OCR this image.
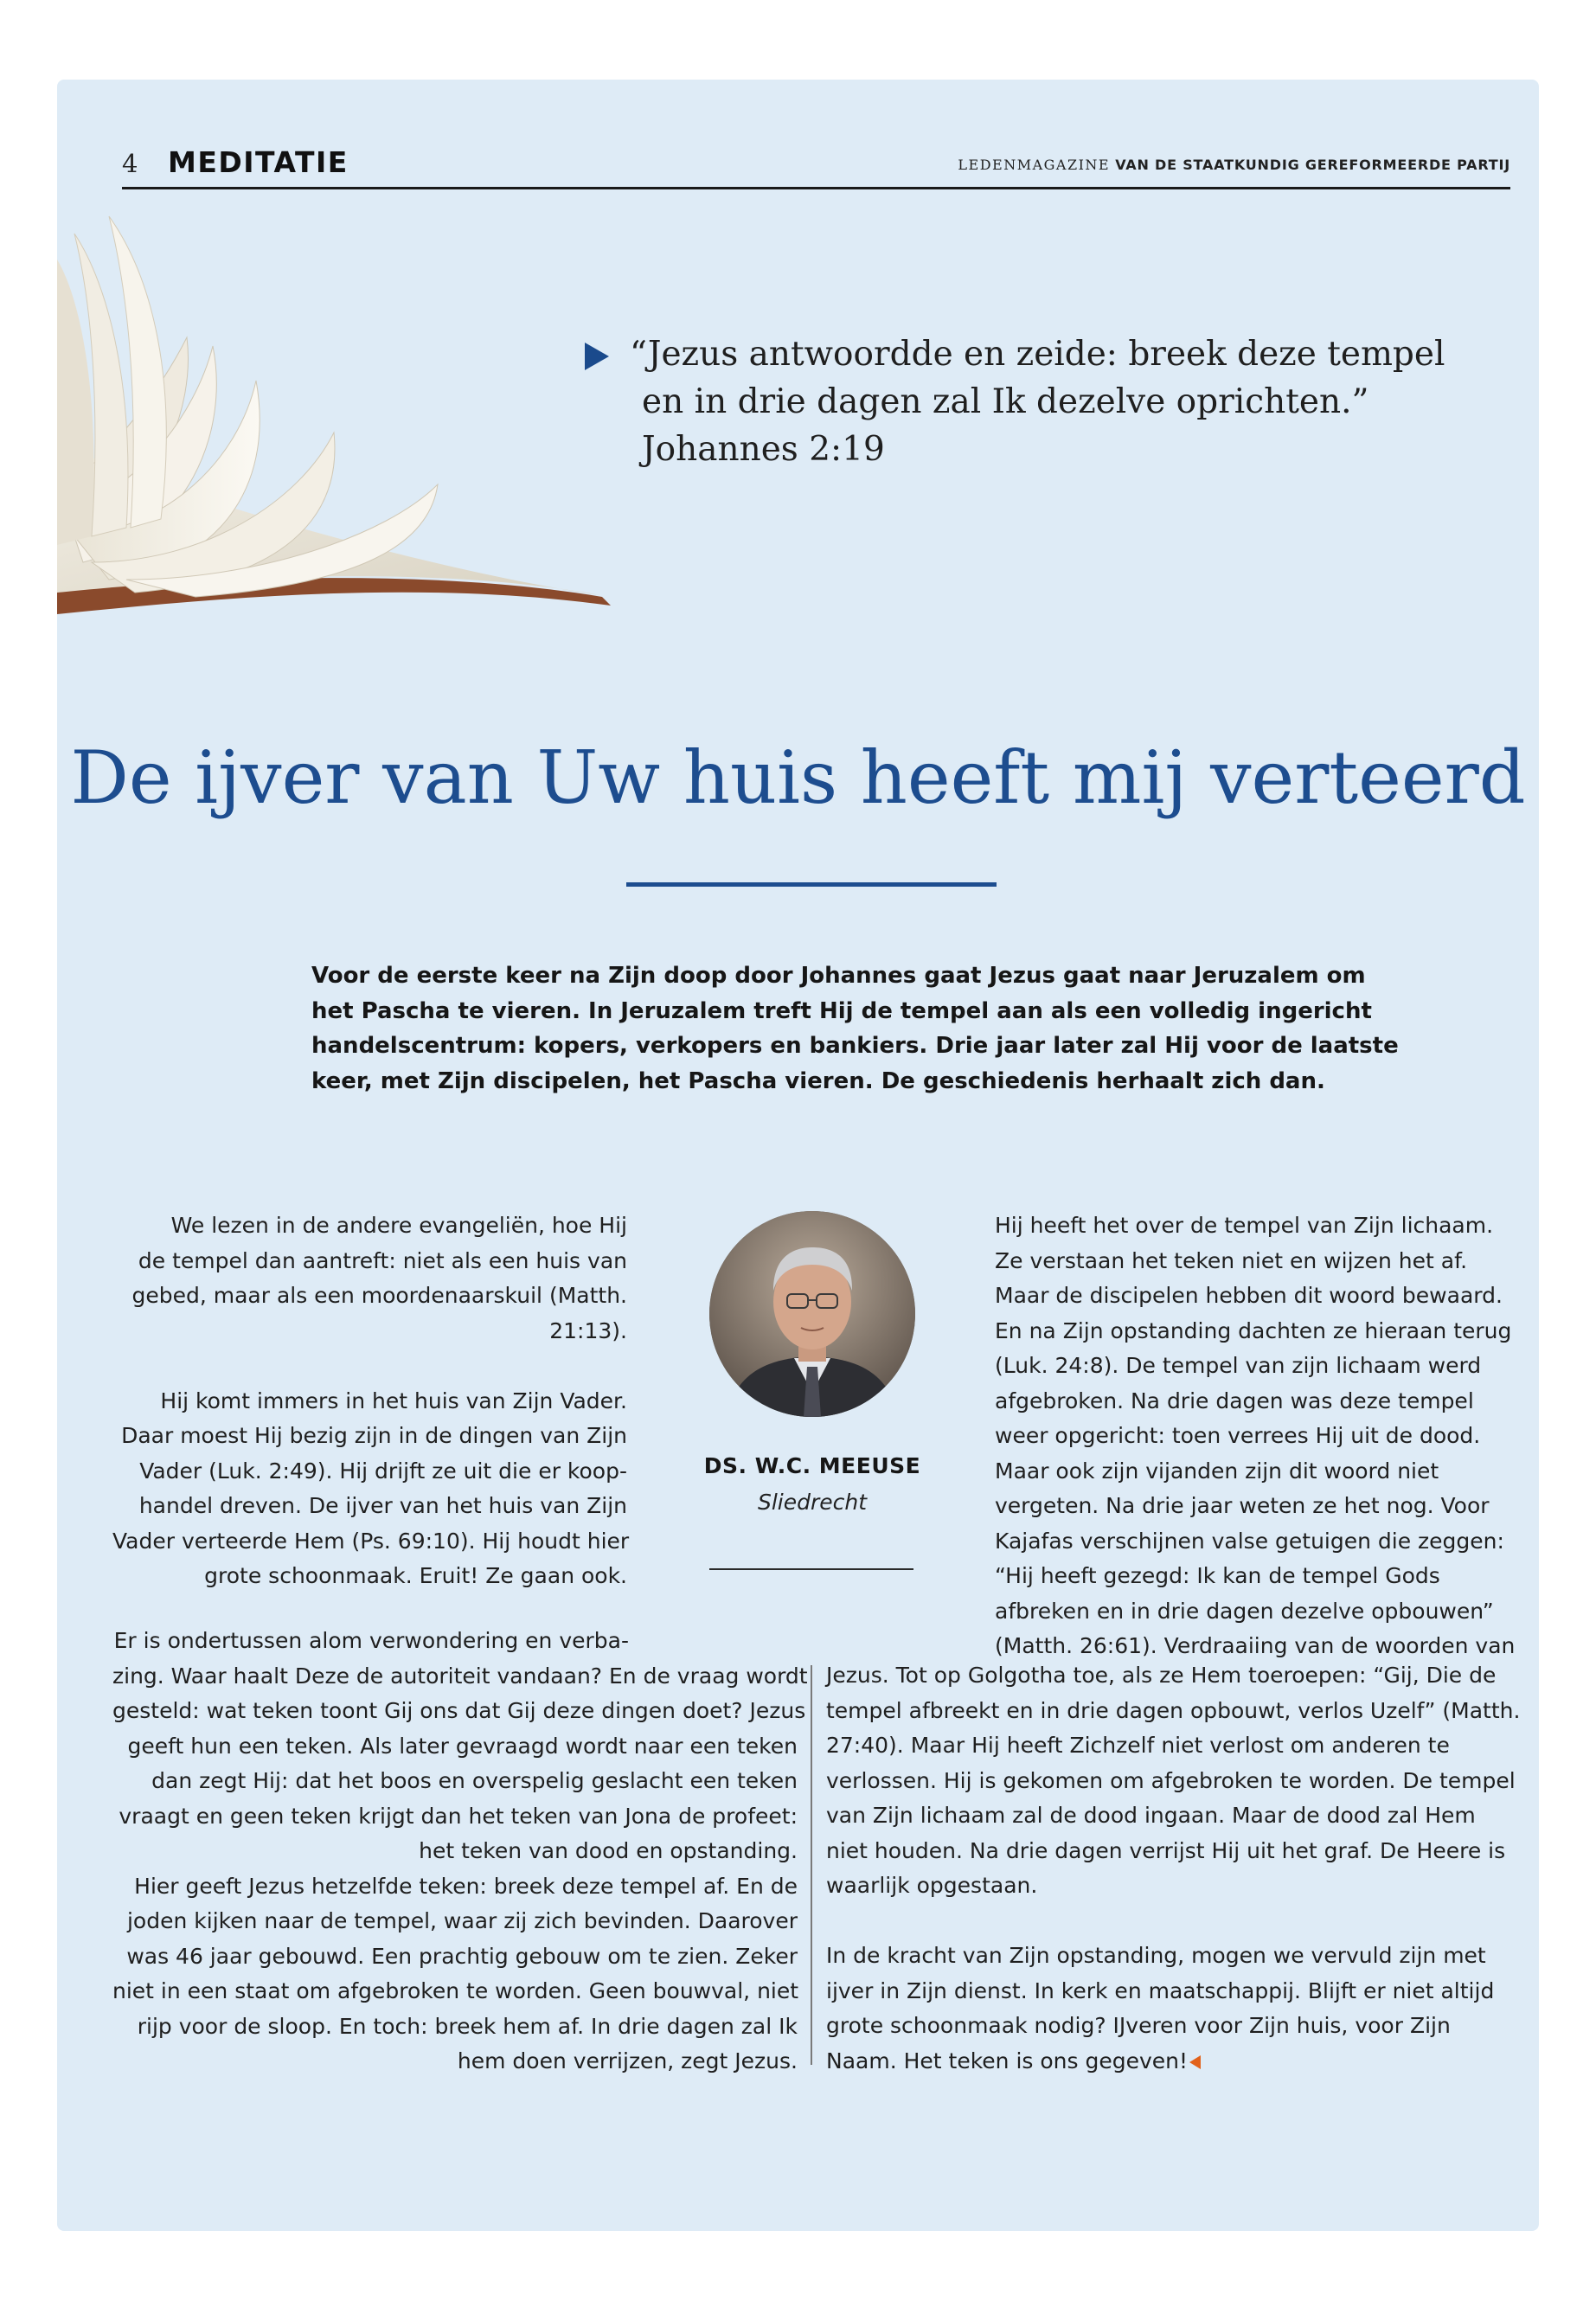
4 MEDITATIE	LEDENMAGAZINE VAN DE STAATKUNDIG GEREFORMEERDE PARTIJ
“Jezus antwoordde en zeide: breek deze tempel
en in drie dagen zal Ik dezelve oprichten.”
Johannes 2:19
De ijver van Uw huis heeft mij verteerd
Voor de eerste keer na Zijn doop door Johannes gaat Jezus gaat naar Jeruzalem om
het Pascha te vieren. In Jeruzalem treft Hij de tempel aan als een volledig ingericht
handelscentrum: kopers, verkopers en bankiers. Drie jaar later zal Hij voor de laatste
keer, met Zijn discipelen, het Pascha vieren. De geschiedenis herhaalt zich dan.
We lezen in de andere evangeliën, hoe Hij
de tempel dan aantreft: niet als een huis van
gebed, maar als een moordenaarskuil (Matth.
21:13).
Hij komt immers in het huis van Zijn Vader.
Daar moest Hij bezig zijn in de dingen van Zijn
Vader (Luk. 2:49). Hij drijft ze uit die er koop-
handel dreven. De ijver van het huis van Zijn
Vader verteerde Hem (Ps. 69:10). Hij houdt hier
grote schoonmaak. Eruit! Ze gaan ook.
DS. W.C. MEEUSE
Sliedrecht
Hij heeft het over de tempel van Zijn lichaam.
Ze verstaan het teken niet en wijzen het af.
Maar de discipelen hebben dit woord bewaard.
En na Zijn opstanding dachten ze hieraan terug
(Luk. 24:8). De tempel van zijn lichaam werd
afgebroken. Na drie dagen was deze tempel
weer opgericht: toen verrees Hij uit de dood.
Maar ook zijn vijanden zijn dit woord niet
vergeten. Na drie jaar weten ze het nog. Voor
Kajafas verschijnen valse getuigen die zeggen:
“Hij heeft gezegd: Ik kan de tempel Gods
afbreken en in drie dagen dezelve opbouwen”
(Matth. 26:61). Verdraaiing van de woorden van
Er is ondertussen alom verwondering en verba-
zing. Waar haalt Deze de autoriteit vandaan? En de vraag wordt
gesteld: wat teken toont Gij ons dat Gij deze dingen doet? Jezus
geeft hun een teken. Als later gevraagd wordt naar een teken
dan zegt Hij: dat het boos en overspelig geslacht een teken
vraagt en geen teken krijgt dan het teken van Jona de profeet:
het teken van dood en opstanding.
Hier geeft Jezus hetzelfde teken: breek deze tempel af. En de
joden kijken naar de tempel, waar zij zich bevinden. Daarover
was 46 jaar gebouwd. Een prachtig gebouw om te zien. Zeker
niet in een staat om afgebroken te worden. Geen bouwval, niet
rijp voor de sloop. En toch: breek hem af. In drie dagen zal Ik
hem doen verrijzen, zegt Jezus.
Jezus. Tot op Golgotha toe, als ze Hem toeroepen: “Gij, Die de
tempel afbreekt en in drie dagen opbouwt, verlos Uzelf” (Matth.
27:40). Maar Hij heeft Zichzelf niet verlost om anderen te
verlossen. Hij is gekomen om afgebroken te worden. De tempel
van Zijn lichaam zal de dood ingaan. Maar de dood zal Hem
niet houden. Na drie dagen verrijst Hij uit het graf. De Heere is
waarlijk opgestaan.
In de kracht van Zijn opstanding, mogen we vervuld zijn met
ijver in Zijn dienst. In kerk en maatschappij. Blijft er niet altijd
grote schoonmaak nodig? IJveren voor Zijn huis, voor Zijn
Naam. Het teken is ons gegeven!
